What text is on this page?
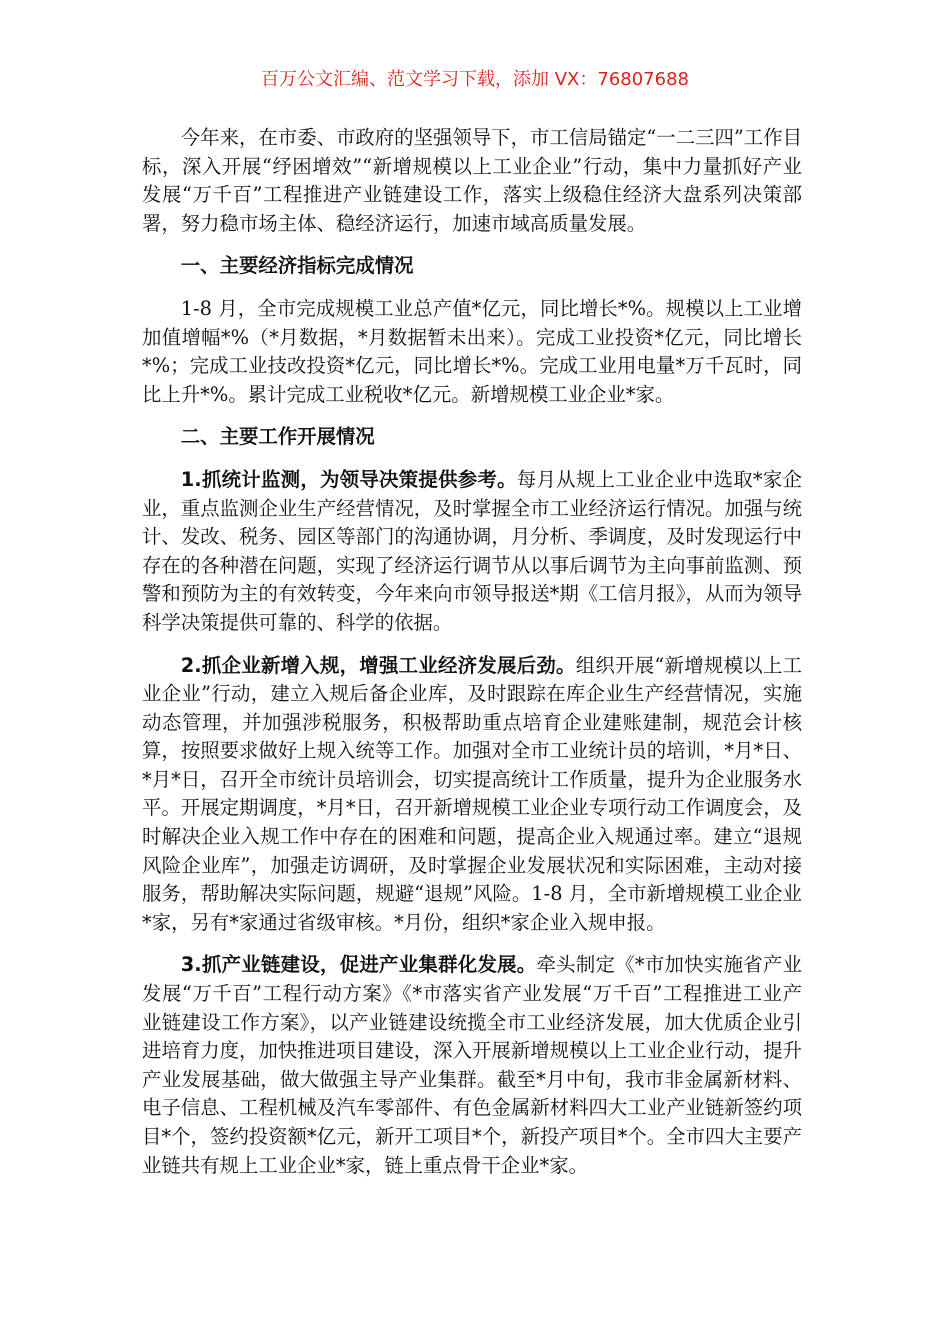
百万公文汇编、范文学习下载，添加 VX：76807688

今年来，在市委、市政府的坚强领导下，市工信局锚定“一二三四”工作目标，深入开展“纾困增效”“新增规模以上工业企业”行动，集中力量抓好产业发展“万千百”工程推进产业链建设工作，落实上级稳住经济大盘系列决策部署，努力稳市场主体、稳经济运行，加速市域高质量发展。

一、主要经济指标完成情况

1-8 月，全市完成规模工业总产值*亿元，同比增长*%。规模以上工业增加值增幅*%（*月数据，*月数据暂未出来）。完成工业投资*亿元，同比增长*%；完成工业技改投资*亿元，同比增长*%。完成工业用电量*万千瓦时，同比上升*%。累计完成工业税收*亿元。新增规模工业企业*家。

二、主要工作开展情况

1.抓统计监测，为领导决策提供参考。每月从规上工业企业中选取*家企业，重点监测企业生产经营情况，及时掌握全市工业经济运行情况。加强与统计、发改、税务、园区等部门的沟通协调，月分析、季调度，及时发现运行中存在的各种潜在问题，实现了经济运行调节从以事后调节为主向事前监测、预警和预防为主的有效转变，今年来向市领导报送*期《工信月报》，从而为领导科学决策提供可靠的、科学的依据。

2.抓企业新增入规，增强工业经济发展后劲。组织开展“新增规模以上工业企业”行动，建立入规后备企业库，及时跟踪在库企业生产经营情况，实施动态管理，并加强涉税服务，积极帮助重点培育企业建账建制，规范会计核算，按照要求做好上规入统等工作。加强对全市工业统计员的培训，*月*日、*月*日，召开全市统计员培训会，切实提高统计工作质量，提升为企业服务水平。开展定期调度，*月*日，召开新增规模工业企业专项行动工作调度会，及时解决企业入规工作中存在的困难和问题，提高企业入规通过率。建立“退规风险企业库”，加强走访调研，及时掌握企业发展状况和实际困难，主动对接服务，帮助解决实际问题，规避“退规”风险。1-8 月，全市新增规模工业企业*家，另有*家通过省级审核。*月份，组织*家企业入规申报。

3.抓产业链建设，促进产业集群化发展。牵头制定《*市加快实施省产业发展“万千百”工程行动方案》《*市落实省产业发展“万千百”工程推进工业产业链建设工作方案》，以产业链建设统揽全市工业经济发展，加大优质企业引进培育力度，加快推进项目建设，深入开展新增规模以上工业企业行动，提升产业发展基础，做大做强主导产业集群。截至*月中旬，我市非金属新材料、电子信息、工程机械及汽车零部件、有色金属新材料四大工业产业链新签约项目*个，签约投资额*亿元，新开工项目*个，新投产项目*个。全市四大主要产业链共有规上工业企业*家，链上重点骨干企业*家。
